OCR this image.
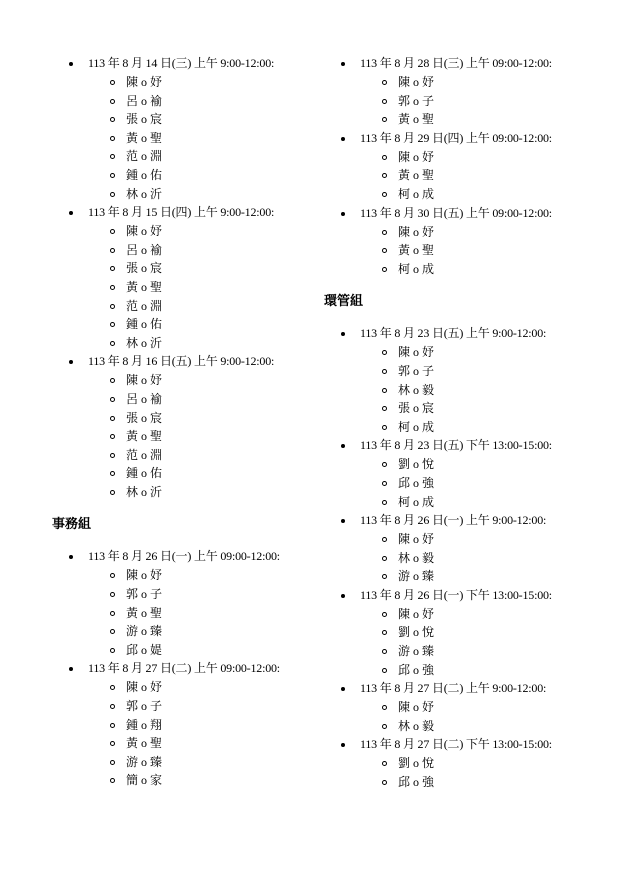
113 年 8 月 14 日(三) 上午 9:00-12:00:
陳 o 妤
呂 o 褕
張 o 宸
黃 o 聖
范 o 淵
鍾 o 佑
林 o 沂
113 年 8 月 15 日(四) 上午 9:00-12:00:
陳 o 妤
呂 o 褕
張 o 宸
黃 o 聖
范 o 淵
鍾 o 佑
林 o 沂
113 年 8 月 16 日(五) 上午 9:00-12:00:
陳 o 妤
呂 o 褕
張 o 宸
黃 o 聖
范 o 淵
鍾 o 佑
林 o 沂
事務組
113 年 8 月 26 日(一) 上午 09:00-12:00:
陳 o 妤
郭 o 子
黃 o 聖
游 o 臻
邱 o 媞
113 年 8 月 27 日(二) 上午 09:00-12:00:
陳 o 妤
郭 o 子
鍾 o 翔
黃 o 聖
游 o 臻
簡 o 家
113 年 8 月 28 日(三) 上午 09:00-12:00:
陳 o 妤
郭 o 子
黃 o 聖
113 年 8 月 29 日(四) 上午 09:00-12:00:
陳 o 妤
黃 o 聖
柯 o 成
113 年 8 月 30 日(五) 上午 09:00-12:00:
陳 o 妤
黃 o 聖
柯 o 成
環管組
113 年 8 月 23 日(五) 上午 9:00-12:00:
陳 o 妤
郭 o 子
林 o 毅
張 o 宸
柯 o 成
113 年 8 月 23 日(五) 下午 13:00-15:00:
劉 o 悅
邱 o 強
柯 o 成
113 年 8 月 26 日(一) 上午 9:00-12:00:
陳 o 妤
林 o 毅
游 o 臻
113 年 8 月 26 日(一) 下午 13:00-15:00:
陳 o 妤
劉 o 悅
游 o 臻
邱 o 強
113 年 8 月 27 日(二) 上午 9:00-12:00:
陳 o 妤
林 o 毅
113 年 8 月 27 日(二) 下午 13:00-15:00:
劉 o 悅
邱 o 強
